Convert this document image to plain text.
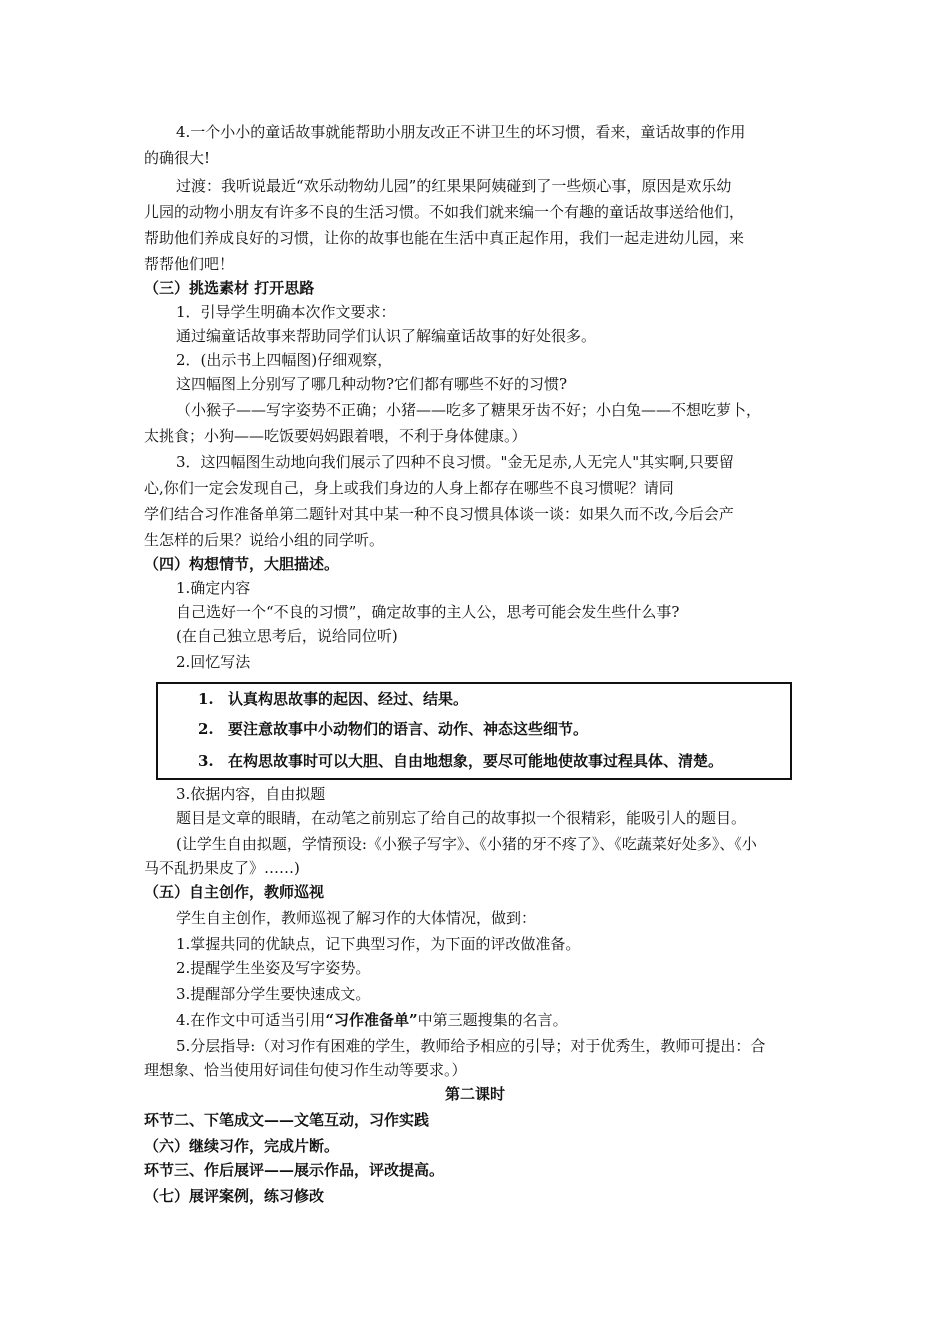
4.一个小小的童话故事就能帮助小朋友改正不讲卫生的坏习惯，看来，童话故事的作用
的确很大!
过渡：我听说最近“欢乐动物幼儿园”的红果果阿姨碰到了一些烦心事，原因是欢乐幼
儿园的动物小朋友有许多不良的生活习惯。不如我们就来编一个有趣的童话故事送给他们，
帮助他们养成良好的习惯，让你的故事也能在生活中真正起作用，我们一起走进幼儿园，来
帮帮他们吧！
（三）挑选素材 打开思路
1．引导学生明确本次作文要求：
通过编童话故事来帮助同学们认识了解编童话故事的好处很多。
2．(出示书上四幅图)仔细观察，
这四幅图上分别写了哪几种动物?它们都有哪些不好的习惯?
（小猴子——写字姿势不正确；小猪——吃多了糖果牙齿不好；小白兔——不想吃萝卜，
太挑食；小狗——吃饭要妈妈跟着喂，不利于身体健康。）
3．这四幅图生动地向我们展示了四种不良习惯。"金无足赤,人无完人"其实啊,只要留
心,你们一定会发现自己，身上或我们身边的人身上都存在哪些不良习惯呢？请同
学们结合习作准备单第二题针对其中某一种不良习惯具体谈一谈：如果久而不改,今后会产
生怎样的后果？说给小组的同学听。
（四）构想情节，大胆描述。
1.确定内容
自己选好一个“不良的习惯”，确定故事的主人公，思考可能会发生些什么事?
(在自己独立思考后，说给同位听)
2.回忆写法
1. 认真构思故事的起因、经过、结果。
2. 要注意故事中小动物们的语言、动作、神态这些细节。
3. 在构思故事时可以大胆、自由地想象，要尽可能地使故事过程具体、清楚。
3.依据内容，自由拟题
题目是文章的眼睛，在动笔之前别忘了给自己的故事拟一个很精彩，能吸引人的题目。
(让学生自由拟题，学情预设:《小猴子写字》、《小猪的牙不疼了》、《吃蔬菜好处多》、《小
马不乱扔果皮了》……)
（五）自主创作，教师巡视
学生自主创作，教师巡视了解习作的大体情况，做到：
1.掌握共同的优缺点，记下典型习作，为下面的评改做准备。
2.提醒学生坐姿及写字姿势。
3.提醒部分学生要快速成文。
4.在作文中可适当引用“习作准备单”中第三题搜集的名言。
5.分层指导:（对习作有困难的学生，教师给予相应的引导；对于优秀生，教师可提出：合
理想象、恰当使用好词佳句使习作生动等要求。）
第二课时
环节二、下笔成文——文笔互动，习作实践
（六）继续习作，完成片断。
环节三、作后展评——展示作品，评改提高。
（七）展评案例，练习修改
